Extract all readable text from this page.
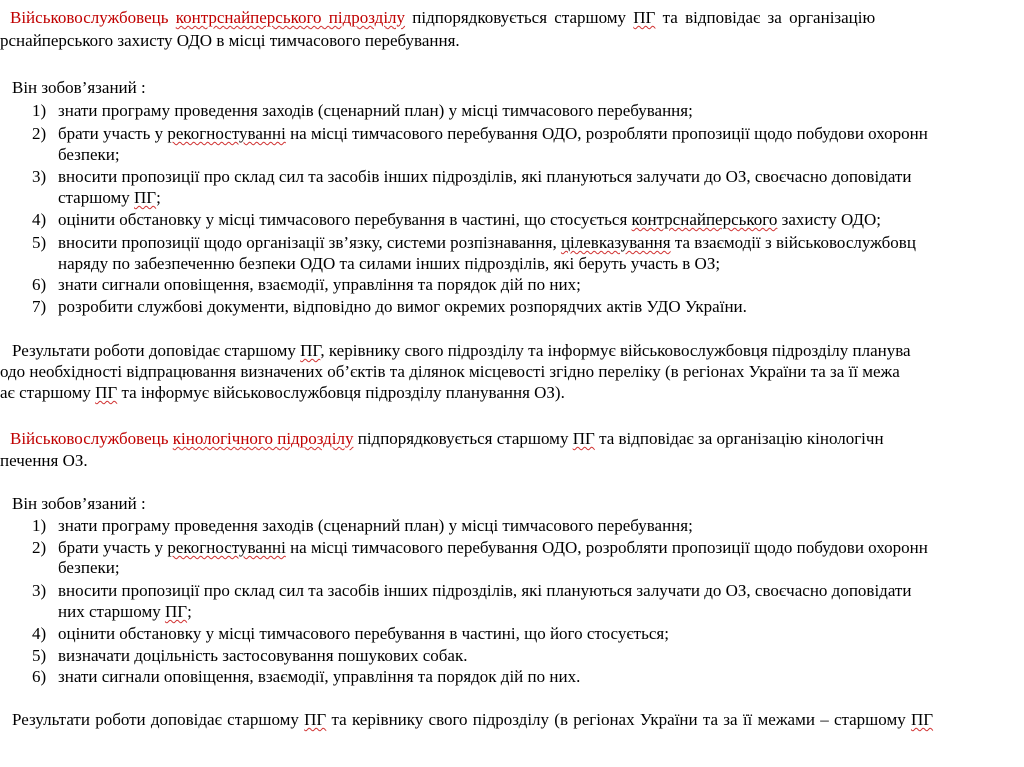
Військовослужбовець контрснайперського підрозділу підпорядковується старшому ПГ та відповідає за організацію
рснайперського захисту ОДО в місці тимчасового перебування.
Він зобов’язаний :
1) знати програму проведення заходів (сценарний план) у місці тимчасового перебування;
2) брати участь у рекогностуванні на місці тимчасового перебування ОДО, розробляти пропозиції щодо побудови охоронн
безпеки;
3) вносити пропозиції про склад сил та засобів інших підрозділів, які плануються залучати до ОЗ, своєчасно доповідати
старшому ПГ;
4) оцінити обстановку у місці тимчасового перебування в частині, що стосується контрснайперського захисту ОДО;
5) вносити пропозиції щодо організації зв’язку, системи розпізнавання, цілевказування та взаємодії з військовослужбовц
наряду по забезпеченню безпеки ОДО та силами інших підрозділів, які беруть участь в ОЗ;
6) знати сигнали оповіщення, взаємодії, управління та порядок дій по них;
7) розробити службові документи, відповідно до вимог окремих розпорядчих актів УДО України.
Результати роботи доповідає старшому ПГ, керівнику свого підрозділу та інформує військовослужбовця підрозділу планува
одо необхідності відпрацювання визначених об’єктів та ділянок місцевості згідно переліку (в регіонах України та за її межа
ає старшому ПГ та інформує військовослужбовця підрозділу планування ОЗ).
Військовослужбовець кінологічного підрозділу підпорядковується старшому ПГ та відповідає за організацію кінологічн
печення ОЗ.
Він зобов’язаний :
1) знати програму проведення заходів (сценарний план) у місці тимчасового перебування;
2) брати участь у рекогностуванні на місці тимчасового перебування ОДО, розробляти пропозиції щодо побудови охоронн
безпеки;
3) вносити пропозиції про склад сил та засобів інших підрозділів, які плануються залучати до ОЗ, своєчасно доповідати
них старшому ПГ;
4) оцінити обстановку у місці тимчасового перебування в частині, що його стосується;
5) визначати доцільність застосовування пошукових собак.
6) знати сигнали оповіщення, взаємодії, управління та порядок дій по них.
Результати роботи доповідає старшому ПГ та керівнику свого підрозділу (в регіонах України та за її межами – старшому ПГ
